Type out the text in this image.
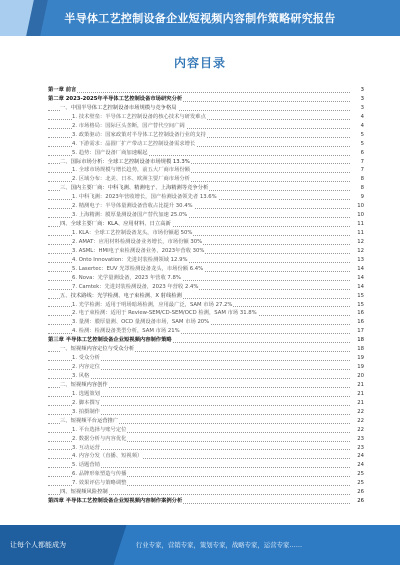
半导体工艺控制设备企业短视频内容制作策略研究报告
内容目录
第一章 前言	3
第二章 2023-2025年半导体工艺控制设备市场研究分析	3
一、中国半导体工艺控制设备市场规模与竞争格局	3
1. 技术壁垒：半导体工艺控制设备的核心技术与研发难点	4
2. 市场格局：国际巨头垄断，国产替代空间广阔	4
3. 政策驱动：国家政策对半导体工艺控制设备行业的支持	5
4. 下游需求：晶圆厂扩产带动工艺控制设备需求增长	5
5. 趋势：国产设备厂商加速崛起	6
二、国际市场分析：全球工艺控制设备市场规模 13.3%	7
1. 全球市场规模与增长趋势，前五大厂商市场份额	7
2. 区域分布：北美、日本、欧洲主要厂商市场分析	8
三、国内主要厂商：中科飞测、精测电子、上海精测等竞争分析	8
1. 中科飞测：2023年营收增长，国产检测设备领先者 13.6%	9
2. 精测电子：半导体量测设备营收占比提升 30.4%	10
3. 上海精测：膜厚量测设备国产替代加速 25.0%	10
四、全球主要厂商：KLA、应用材料、日立高新	11
1. KLA：全球工艺控制设备龙头，市场份额超 50%	11
2. AMAT：应用材料检测设备业务增长，市场份额 30%	12
3. ASML：HMI电子束检测设备业务，2023年营收 30%	12
4. Onto Innovation：先进封装检测领域 12.9%	13
5. Lasertec：EUV 光罩检测设备龙头，市场份额 6.4%	14
6. Nova：光学量测设备，2023 年营收 7.8%	14
7. Camtek：先进封装检测设备，2023 年营收 2.4%	14
五、技术路线：光学检测、电子束检测、X 射线检测	15
1. 光学检测：适用于明场暗场检测，应用最广泛，SAM 市场 27.2%	15
2. 电子束检测：适用于 Review-SEM/CD-SEM/OCD 检测，SAM 市场 31.8%	16
3. 量测：膜厚量测、OCD 量测设备市场，SAM 市场 20%	16
4. 检测：检测设备类型分析，SAM 市场 21%	17
第三章 半导体工艺控制设备企业短视频内容制作策略	18
一、短视频内容定位与受众分析	18
1. 受众分析	19
2. 内容定位	19
3. 风格	20
二、短视频内容创作	21
1. 选题策划	21
2. 脚本撰写	21
3. 拍摄制作	22
三、短视频平台运营推广	22
1. 平台选择与账号定位	22
2. 数据分析与内容优化	23
3. 互动运营	23
4. 内容分发（直播、短视频）	24
5. 话题营销	24
6. 品牌形象塑造与传播	25
7. 效果评估与策略调整	25
四、短视频风险控制	26
第四章 半导体工艺控制设备企业短视频内容制作案例分析	26
让每个人都能成为	行业专家，营销专家，策划专家，战略专家，运营专家……
